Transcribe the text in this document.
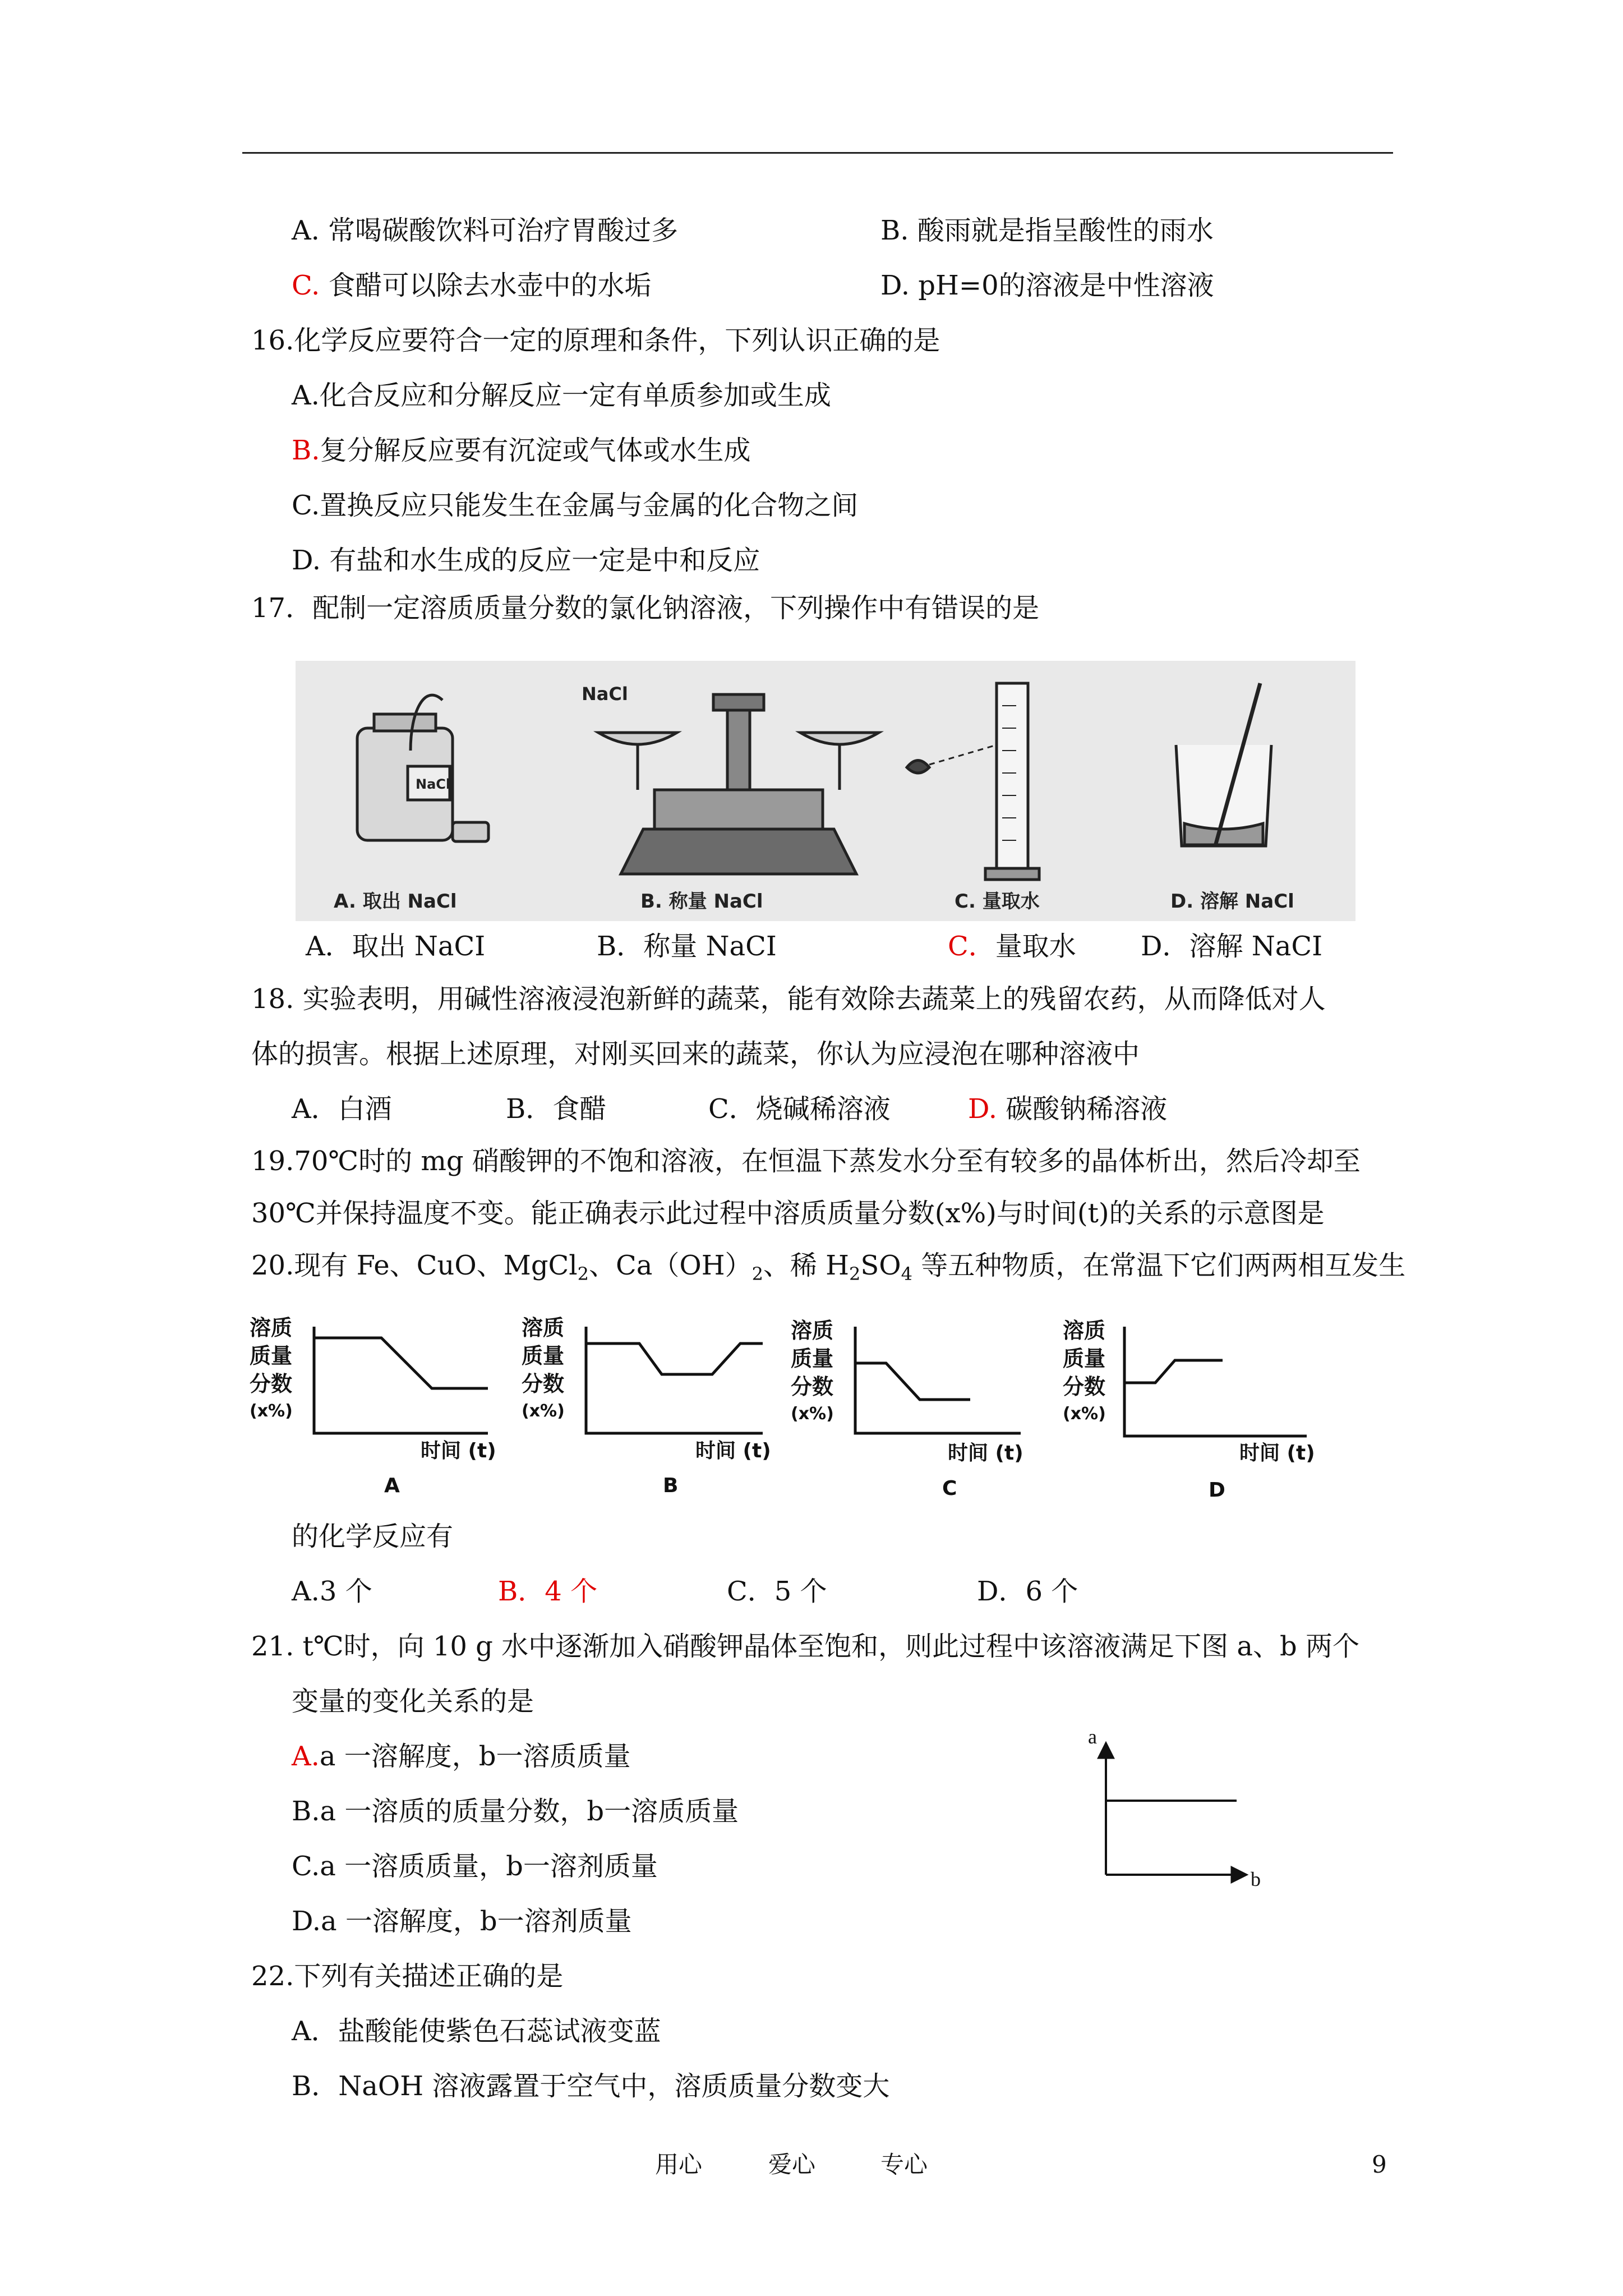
A. 常喝碳酸饮料可治疗胃酸过多	B. 酸雨就是指呈酸性的雨水
C. 食醋可以除去水壶中的水垢	D. pH=0的溶液是中性溶液
16.化学反应要符合一定的原理和条件，下列认识正确的是
A.化合反应和分解反应一定有单质参加或生成
B.复分解反应要有沉淀或气体或水生成
C.置换反应只能发生在金属与金属的化合物之间
D. 有盐和水生成的反应一定是中和反应
17．配制一定溶质质量分数的氯化钠溶液，下列操作中有错误的是
NaCl
NaCl
A. 取出 NaCl	B. 称量 NaCl	C. 量取水	D. 溶解 NaCl
A．取出 NaCI	B．称量 NaCI	C．量取水 D．溶解 NaCI
18. 实验表明，用碱性溶液浸泡新鲜的蔬菜，能有效除去蔬菜上的残留农药，从而降低对人
体的损害。根据上述原理，对刚买回来的蔬菜，你认为应浸泡在哪种溶液中
A．白酒	B．食醋	C．烧碱稀溶液	D. 碳酸钠稀溶液
19.70℃时的 mg 硝酸钾的不饱和溶液，在恒温下蒸发水分至有较多的晶体析出，然后冷却至
30℃并保持温度不变。能正确表示此过程中溶质质量分数(x%)与时间(t)的关系的示意图是
20.现有 Fe、CuO、MgCl$_2$、$Ca(OH)_2$、稀 $H_2SO_4$ 等五种物质，在常温下它们两两相互发生
溶质
质量
分数
(x%)
时间 (t)
A
溶质
质量
分数
(x%)
时间 (t)
B
溶质
质量
分数
(x%)
时间 (t)
C
溶质
质量
分数
(x%)
时间 (t)
D
的化学反应有
A.3 个	B．4 个	C．5 个	D．6 个
21. t℃时，向 10 g 水中逐渐加入硝酸钾晶体至饱和，则此过程中该溶液满足下图 a、b 两个
变量的变化关系的是
A.a 一溶解度，b一溶质质量
B.a 一溶质的质量分数，b一溶质质量
C.a 一溶质质量，b一溶剂质量
D.a 一溶解度，b一溶剂质量
a
b
22.下列有关描述正确的是
A．盐酸能使紫色石蕊试液变蓝
B．NaOH 溶液露置于空气中，溶质质量分数变大
用心	爱心	专心	9
